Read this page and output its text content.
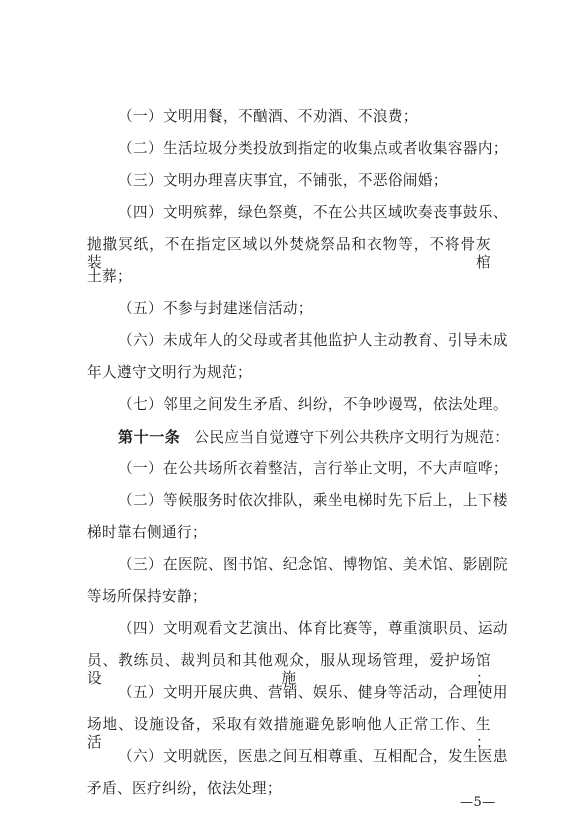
（一）文明用餐，不酗酒、不劝酒、不浪费；
（二）生活垃圾分类投放到指定的收集点或者收集容器内；
（三）文明办理喜庆事宜，不铺张，不恶俗闹婚；
（四）文明殡葬，绿色祭奠，不在公共区域吹奏丧事鼓乐、
抛撒冥纸，不在指定区域以外焚烧祭品和衣物等，不将骨灰装棺
土葬；
（五）不参与封建迷信活动；
（六）未成年人的父母或者其他监护人主动教育、引导未成
年人遵守文明行为规范；
（七）邻里之间发生矛盾、纠纷，不争吵谩骂，依法处理。
第十一条 公民应当自觉遵守下列公共秩序文明行为规范：
（一）在公共场所衣着整洁，言行举止文明，不大声喧哗；
（二）等候服务时依次排队，乘坐电梯时先下后上，上下楼
梯时靠右侧通行；
（三）在医院、图书馆、纪念馆、博物馆、美术馆、影剧院
等场所保持安静；
（四）文明观看文艺演出、体育比赛等，尊重演职员、运动
员、教练员、裁判员和其他观众，服从现场管理，爱护场馆设施；
（五）文明开展庆典、营销、娱乐、健身等活动，合理使用
场地、设施设备，采取有效措施避免影响他人正常工作、生活；
（六）文明就医，医患之间互相尊重、互相配合，发生医患
矛盾、医疗纠纷，依法处理；
—5—
